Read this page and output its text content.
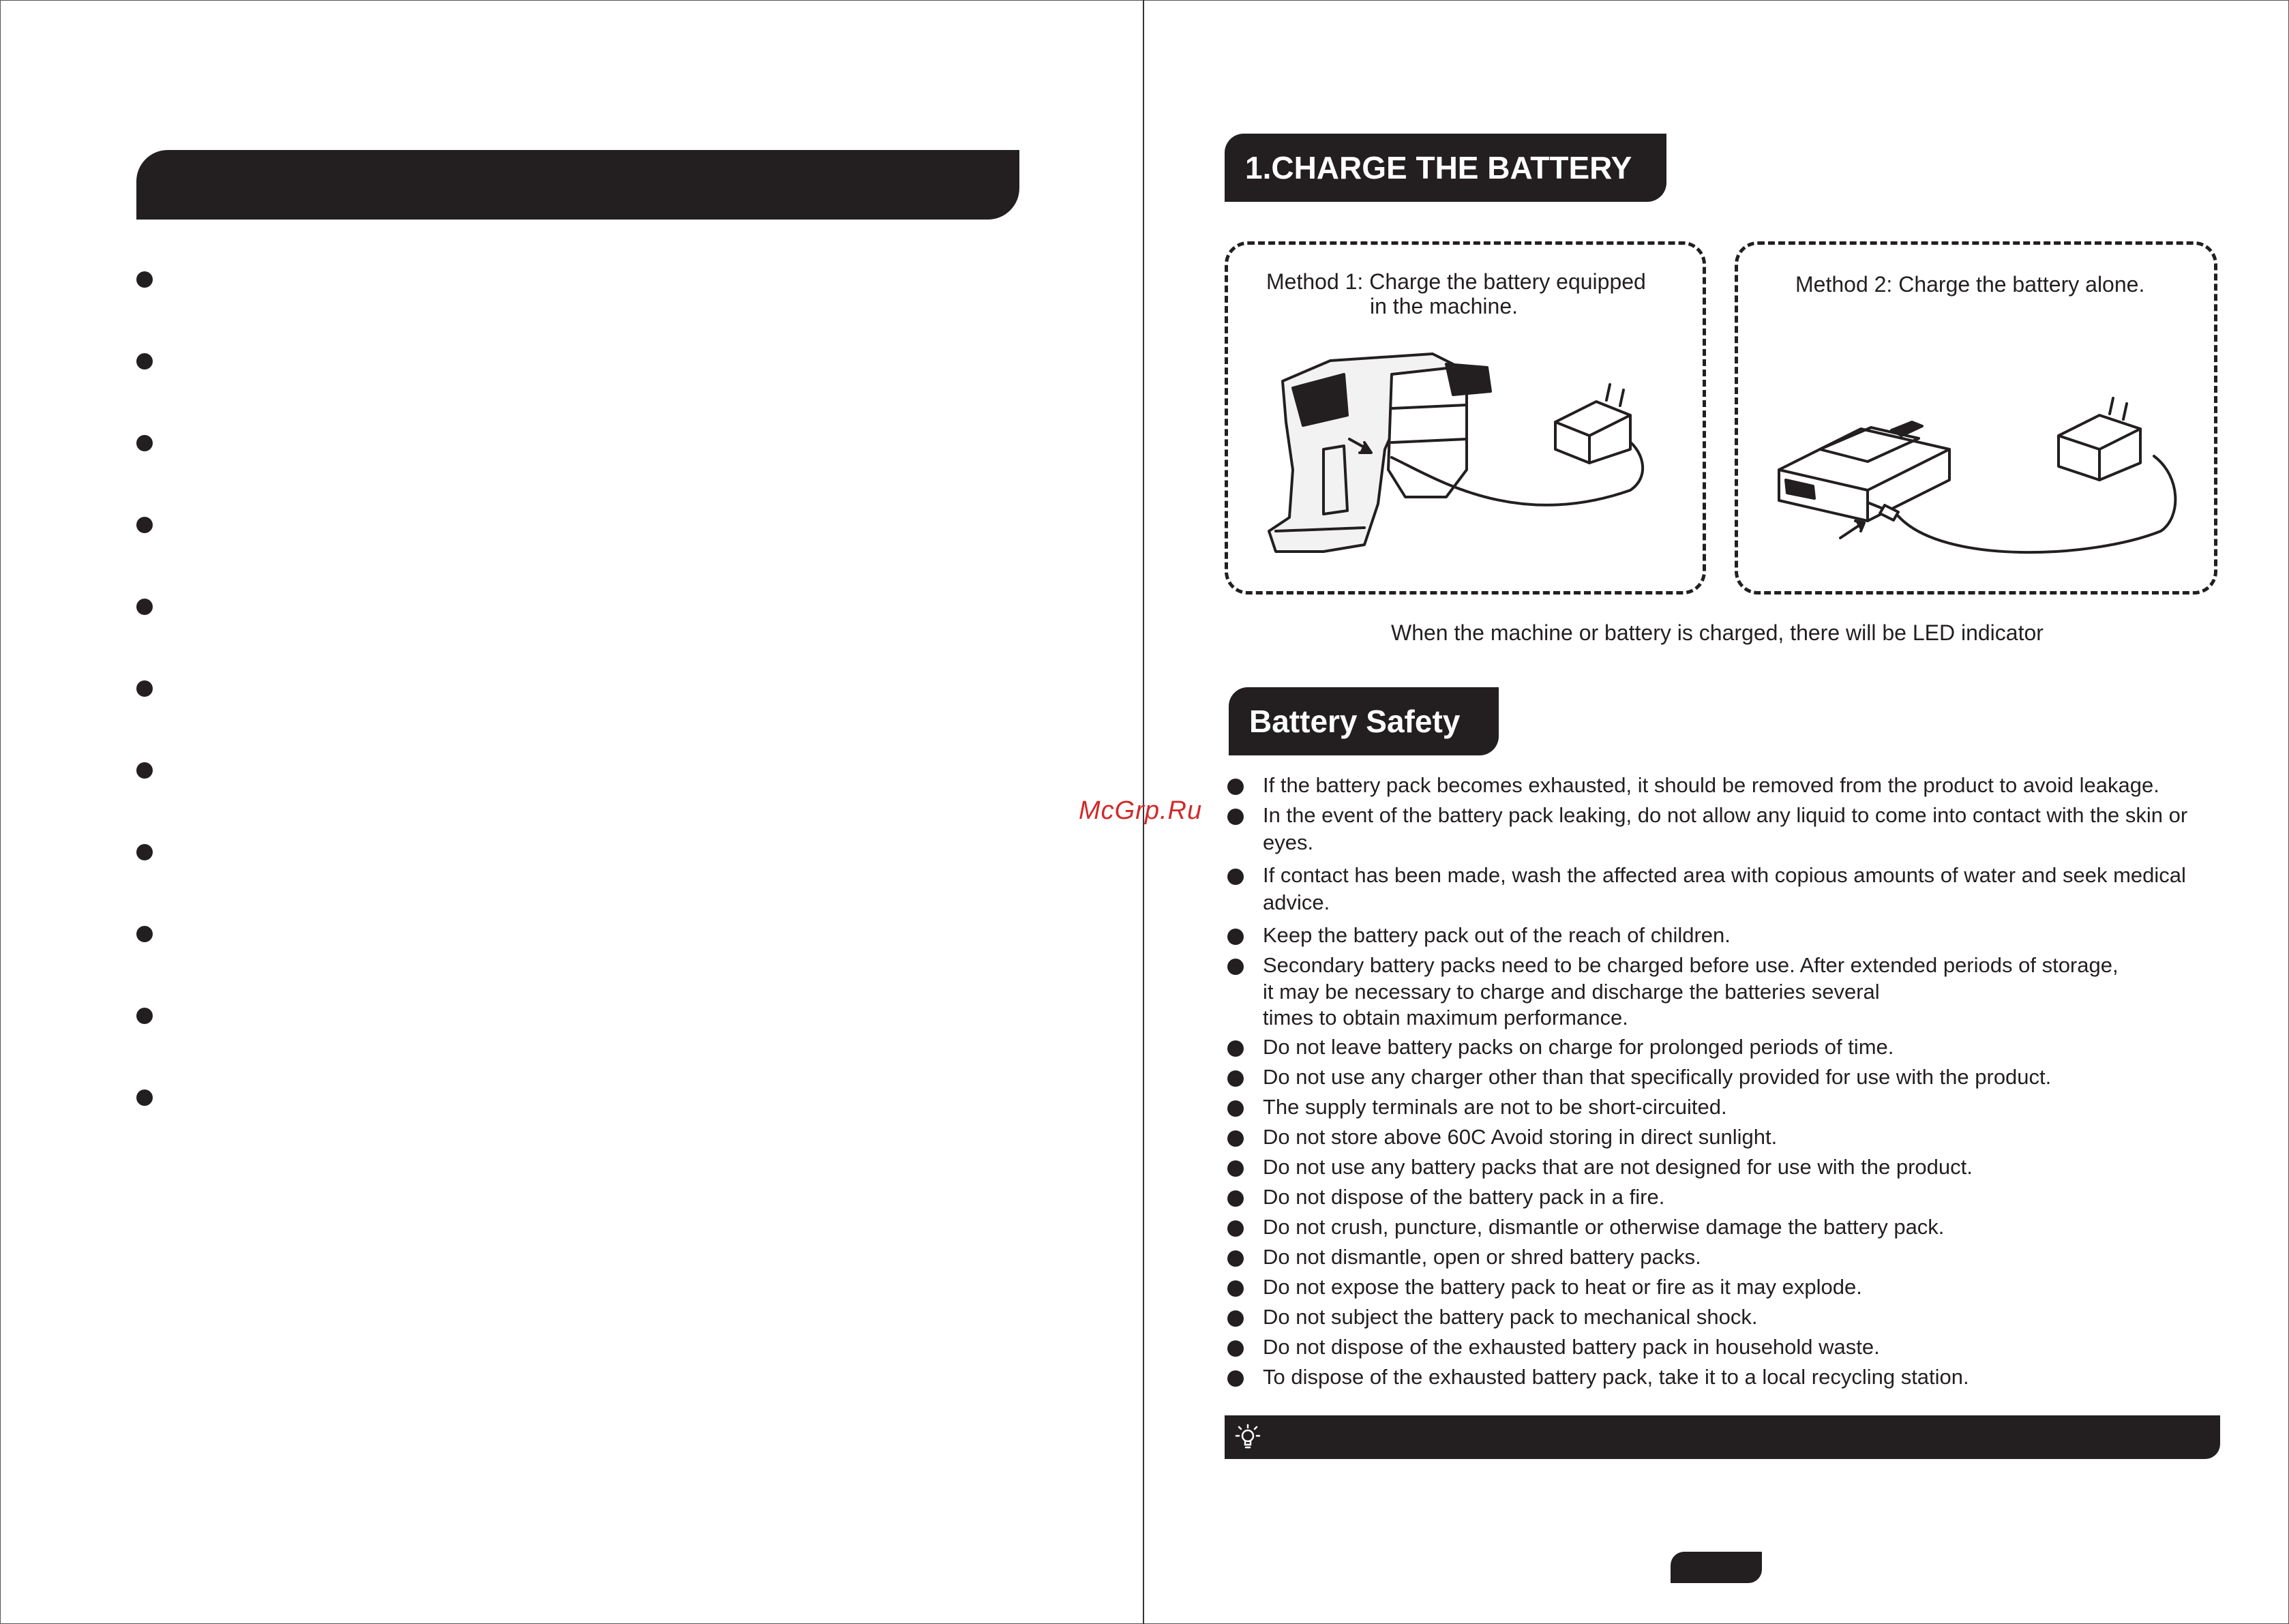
1.CHARGE THE BATTERY
Method 1: Charge the battery equipped
in the machine.
Method 2: Charge the battery alone.
When the machine or battery is charged, there will be LED indicator
Battery Safety
If the battery pack becomes exhausted, it should be removed from the product to avoid leakage.
In the event of the battery pack leaking, do not allow any liquid to come into contact with the skin or
eyes.
If contact has been made, wash the affected area with copious amounts of water and seek medical
advice.
Keep the battery pack out of the reach of children.
Secondary battery packs need to be charged before use. After extended periods of storage,
it may be necessary to charge and discharge the batteries several
times to obtain maximum performance.
Do not leave battery packs on charge for prolonged periods of time.
Do not use any charger other than that specifically provided for use with the product.
The supply terminals are not to be short-circuited.
Do not store above 60C Avoid storing in direct sunlight.
Do not use any battery packs that are not designed for use with the product.
Do not dispose of the battery pack in a fire.
Do not crush, puncture, dismantle or otherwise damage the battery pack.
Do not dismantle, open or shred battery packs.
Do not expose the battery pack to heat or fire as it may explode.
Do not subject the battery pack to mechanical shock.
Do not dispose of the exhausted battery pack in household waste.
To dispose of the exhausted battery pack, take it to a local recycling station.
McGrp.Ru
